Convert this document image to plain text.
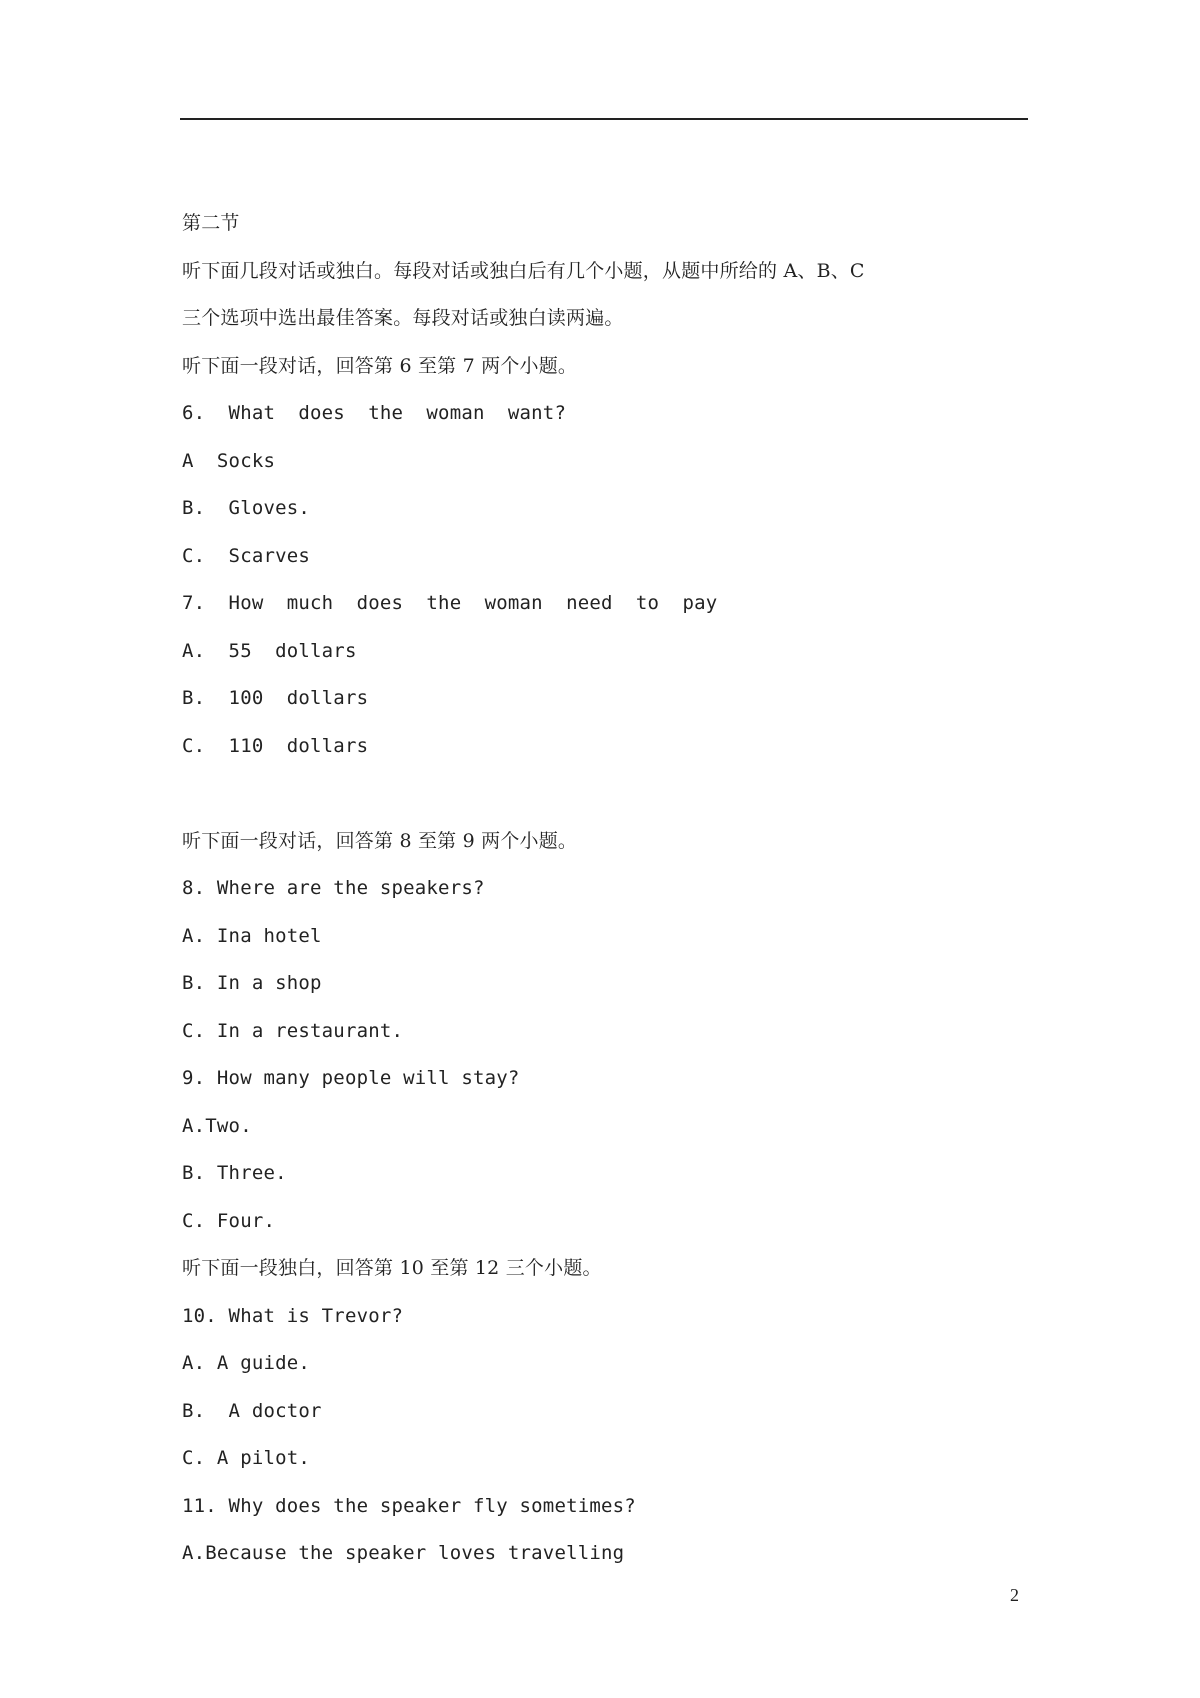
第二节
听下面几段对话或独白。每段对话或独白后有几个小题，从题中所给的 A、B、C
三个选项中选出最佳答案。每段对话或独白读两遍。
听下面一段对话，回答第 6 至第 7 两个小题。
6.  What  does  the  woman  want?
A  Socks
B.  Gloves.
C.  Scarves
7.  How  much  does  the  woman  need  to  pay
A.  55  dollars
B.  100  dollars
C.  110  dollars
听下面一段对话，回答第 8 至第 9 两个小题。
8. Where are the speakers?
A. Ina hotel
B. In a shop
C. In a restaurant.
9. How many people will stay?
A.Two.
B. Three.
C. Four.
听下面一段独白，回答第 10 至第 12 三个小题。
10. What is Trevor?
A. A guide.
B.  A doctor
C. A pilot.
11. Why does the speaker fly sometimes?
A.Because the speaker loves travelling
2
